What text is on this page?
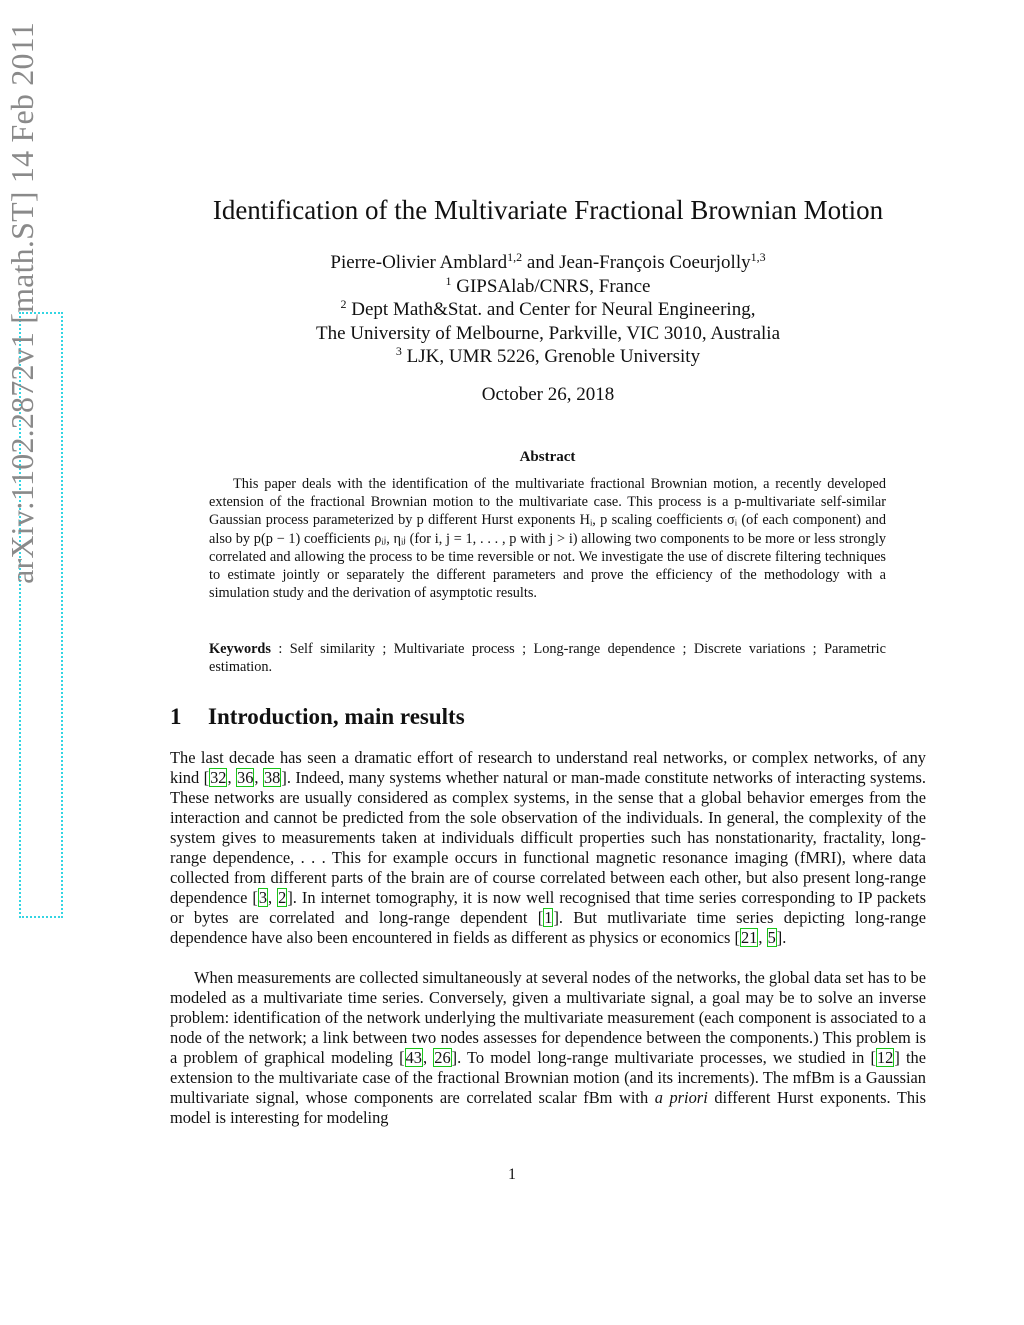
arXiv:1102.2872v1 [math.ST] 14 Feb 2011	Identification of the Multivariate Fractional Brownian Motion
Pierre-Olivier Amblard$^{1,2}$ and Jean-François Coeurjolly$^{1,3}$
$^1$ GIPSAlab/CNRS, France
$^2$ Dept Math&Stat. and Center for Neural Engineering,
The University of Melbourne, Parkville, VIC 3010, Australia
$^3$ LJK, UMR 5226, Grenoble University
October 26, 2018
Abstract
This paper deals with the identification of the multivariate fractional Brownian motion, a recently developed extension of the fractional Brownian motion to the multivariate case. This process is a p-multivariate self-similar Gaussian process parameterized by p different Hurst exponents Hᵢ, p scaling coefficients σᵢ (of each component) and also by p(p − 1) coefficients ρᵢⱼ, ηᵢⱼ (for i, j = 1, . . . , p with j > i) allowing two components to be more or less strongly correlated and allowing the process to be time reversible or not. We investigate the use of discrete filtering techniques to estimate jointly or separately the different parameters and prove the efficiency of the methodology with a simulation study and the derivation of asymptotic results.
Keywords : Self similarity ; Multivariate process ; Long-range dependence ; Discrete variations ; Parametric estimation.
1 Introduction, main results
The last decade has seen a dramatic effort of research to understand real networks, or complex networks, of any kind [32, 36, 38]. Indeed, many systems whether natural or man-made constitute networks of interacting systems. These networks are usually considered as complex systems, in the sense that a global behavior emerges from the interaction and cannot be predicted from the sole observation of the individuals. In general, the complexity of the system gives to measurements taken at individuals difficult properties such has nonstationarity, fractality, long-range dependence, . . . This for example occurs in functional magnetic resonance imaging (fMRI), where data collected from different parts of the brain are of course correlated between each other, but also present long-range dependence [3, 2]. In internet tomography, it is now well recognised that time series corresponding to IP packets or bytes are correlated and long-range dependent [1]. But mutlivariate time series depicting long-range dependence have also been encountered in fields as different as physics or economics [21, 5].
When measurements are collected simultaneously at several nodes of the networks, the global data set has to be modeled as a multivariate time series. Conversely, given a multivariate signal, a goal may be to solve an inverse problem: identification of the network underlying the multivariate measurement (each component is associated to a node of the network; a link between two nodes assesses for dependence between the components.) This problem is a problem of graphical modeling [43, 26]. To model long-range multivariate processes, we studied in [12] the extension to the multivariate case of the fractional Brownian motion (and its increments). The mfBm is a Gaussian multivariate signal, whose components are correlated scalar fBm with a priori different Hurst exponents. This model is interesting for modeling
1
